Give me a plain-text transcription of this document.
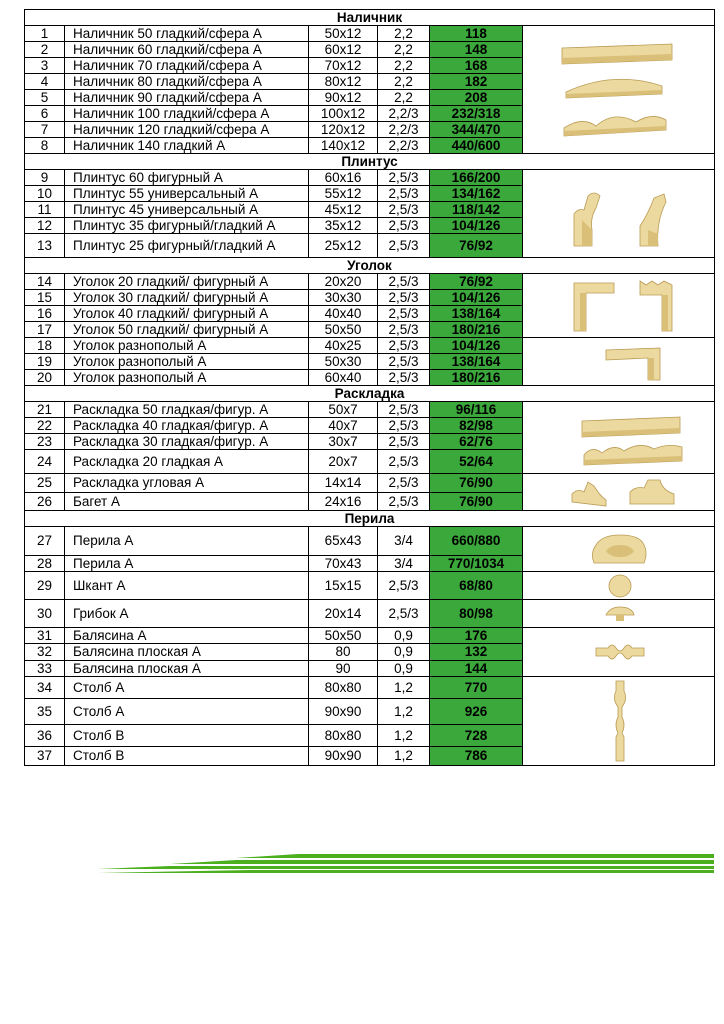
Наличник					
1	Наличник 50 гладкий/сфера А	50x12	2,2	118	

2	Наличник 60 гладкий/сфера А	60x12	2,2	148	
3	Наличник 70 гладкий/сфера А	70x12	2,2	168	
4	Наличник 80 гладкий/сфера А	80x12	2,2	182	
5	Наличник 90 гладкий/сфера А	90x12	2,2	208	
6	Наличник 100 гладкий/сфера А	100x12	2,2/3	232/318	
7	Наличник 120 гладкий/сфера А	120x12	2,2/3	344/470	
8	Наличник 140 гладкий А	140x12	2,2/3	440/600	
Плинтус					
9	Плинтус 60 фигурный А	60x16	2,5/3	166/200	

10	Плинтус 55 универсальный А	55x12	2,5/3	134/162	
11	Плинтус 45 универсальный А	45x12	2,5/3	118/142	
12	Плинтус 35 фигурный/гладкий А	35x12	2,5/3	104/126	
13	Плинтус 25 фигурный/гладкий А	25x12	2,5/3	76/92	
Уголок					
14	Уголок 20 гладкий/ фигурный А	20x20	2,5/3	76/92	

15	Уголок 30 гладкий/ фигурный А	30x30	2,5/3	104/126	
16	Уголок 40 гладкий/ фигурный А	40x40	2,5/3	138/164	
17	Уголок 50 гладкий/ фигурный А	50x50	2,5/3	180/216	
18	Уголок разнополый А	40x25	2,5/3	104/126	

19	Уголок разнополый А	50x30	2,5/3	138/164	
20	Уголок разнополый А	60x40	2,5/3	180/216	
Раскладка					
21	Раскладка 50 гладкая/фигур. А	50x7	2,5/3	96/116	

22	Раскладка 40 гладкая/фигур. А	40x7	2,5/3	82/98	
23	Раскладка 30 гладкая/фигур. А	30x7	2,5/3	62/76	
24	Раскладка 20 гладкая А	20x7	2,5/3	52/64	
25	Раскладка угловая А	14x14	2,5/3	76/90	

26	Багет А	24x16	2,5/3	76/90	
Перила					
27	Перила А	65x43	3/4	660/880	

28	Перила А	70x43	3/4	770/1034	
29	Шкант А	15x15	2,5/3	68/80	

30	Грибок А	20x14	2,5/3	80/98	

31	Балясина А	50x50	0,9	176	

32	Балясина плоская А	80	0,9	132	
33	Балясина плоская А	90	0,9	144	
34	Столб А	80x80	1,2	770	

35	Столб А	90x90	1,2	926	
36	Столб В	80x80	1,2	728	
37	Столб В	90x90	1,2	786	
